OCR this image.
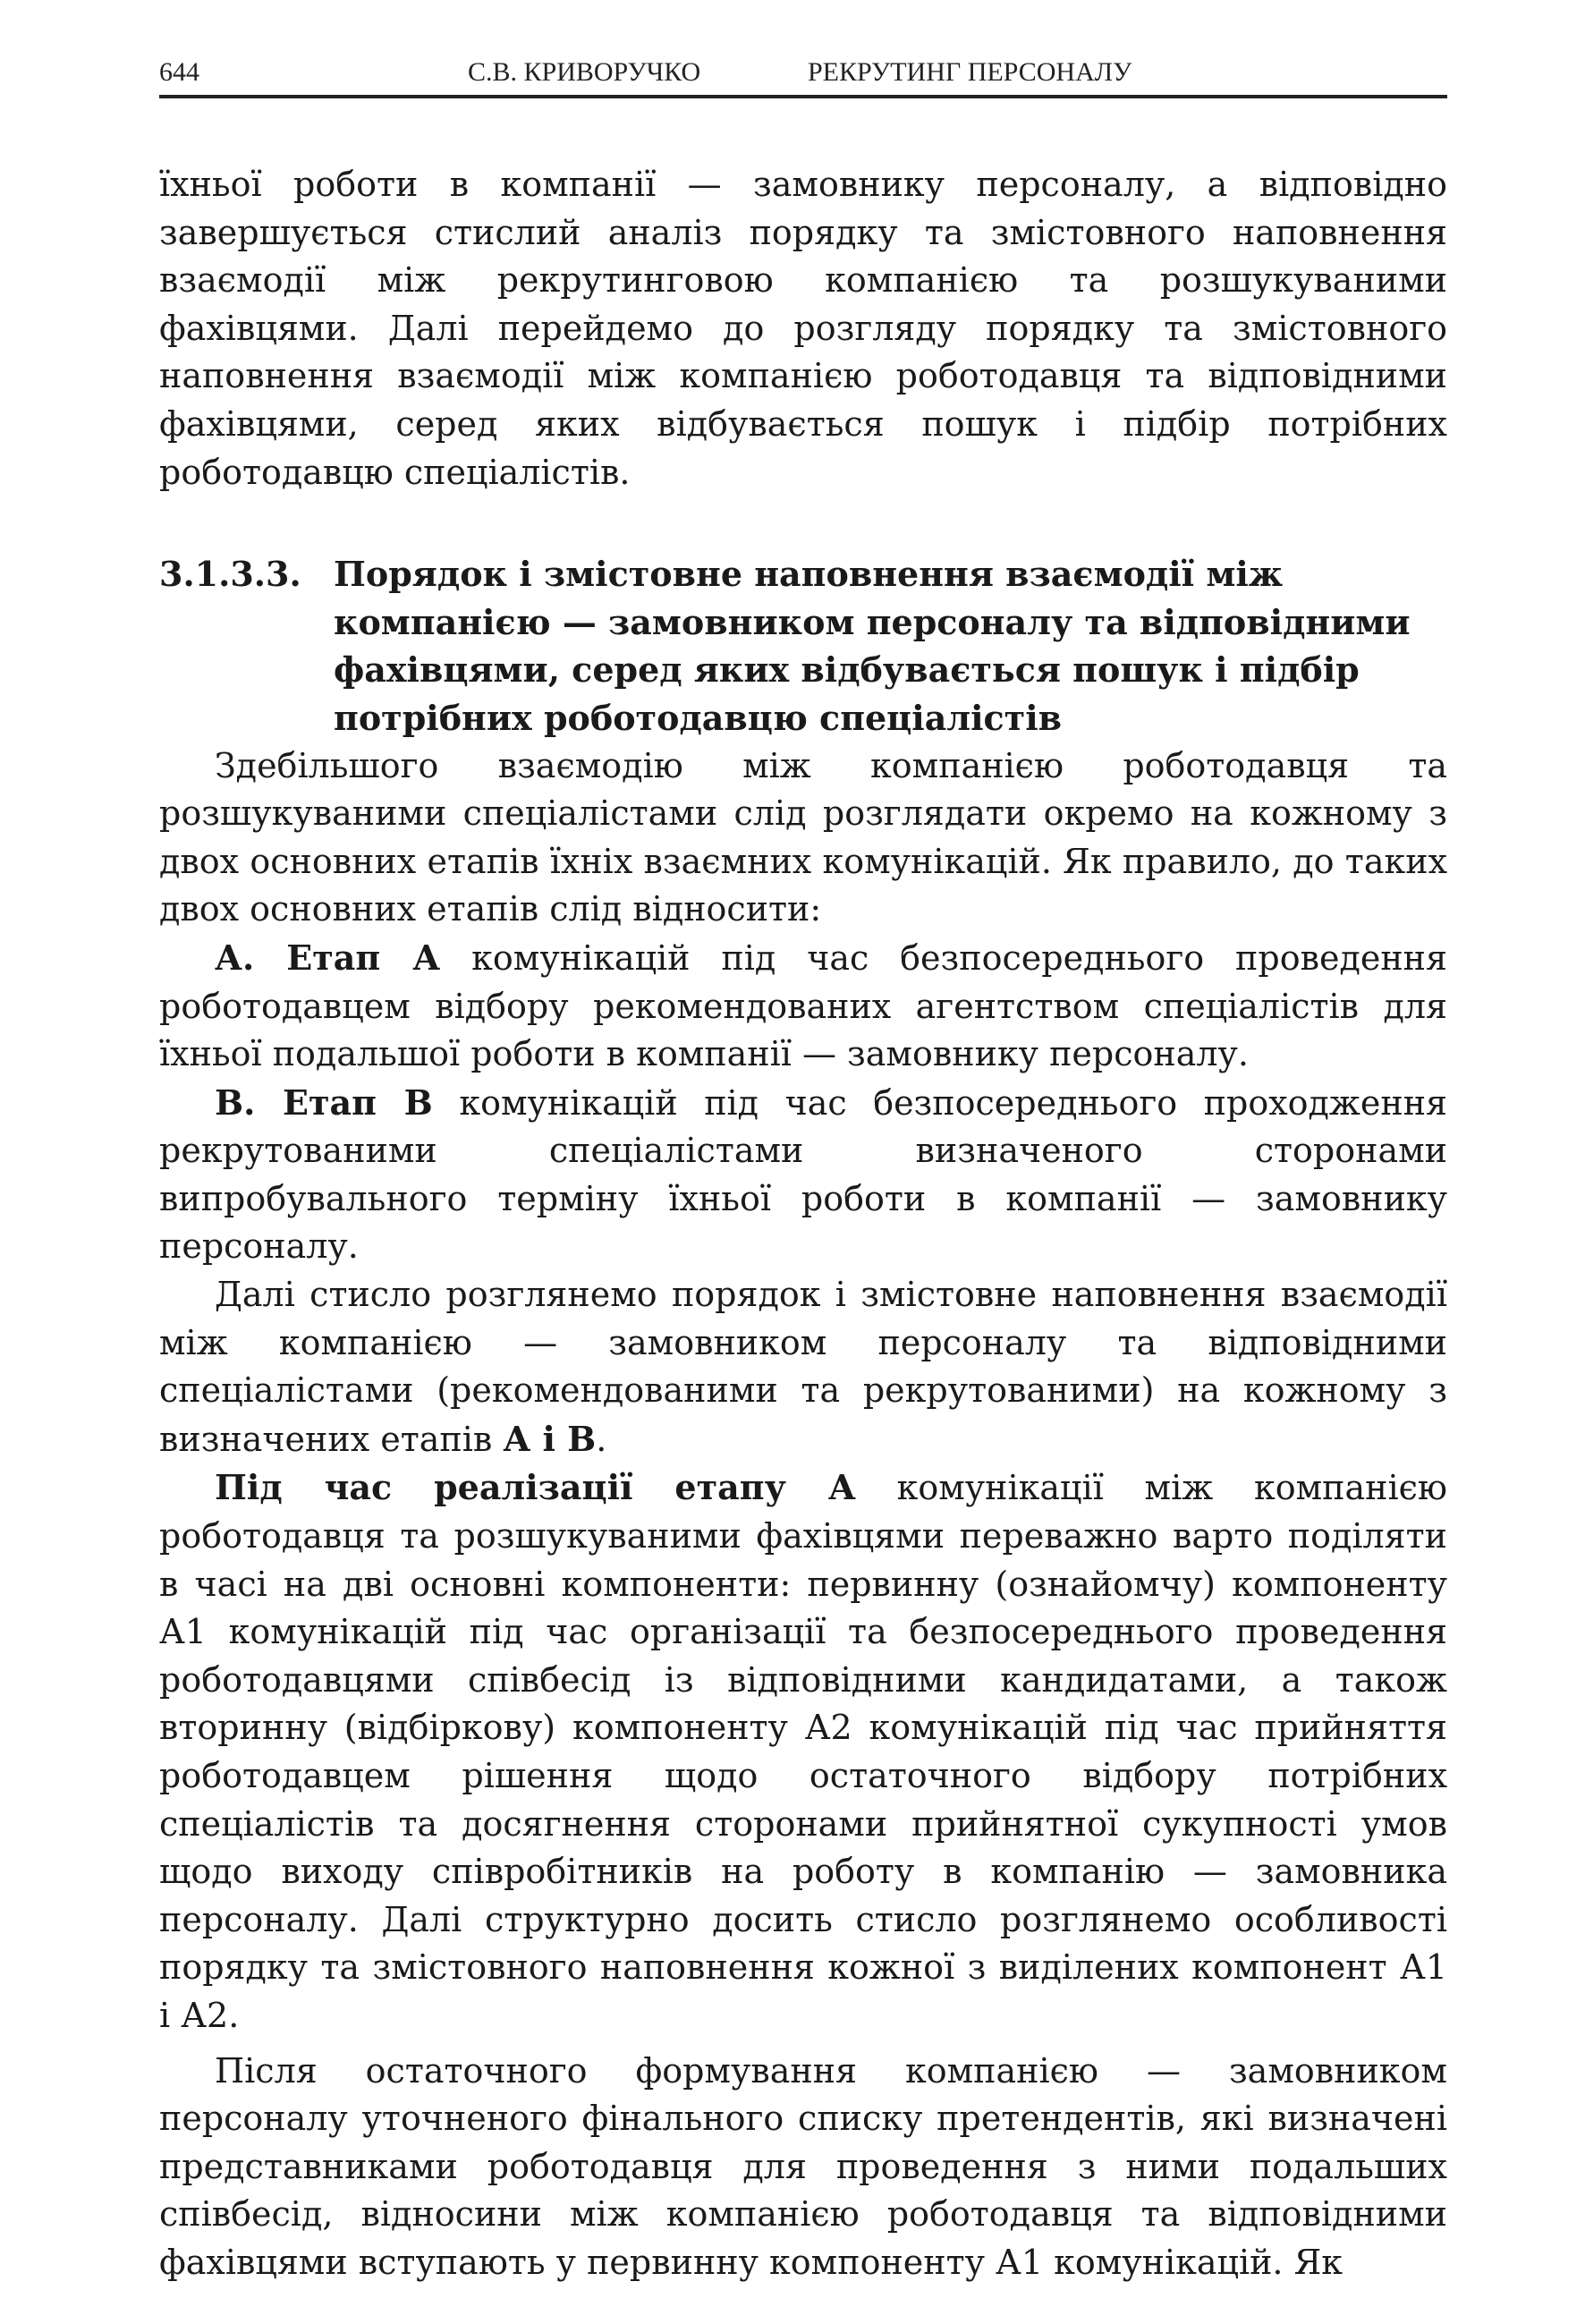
644	С.В. КРИВОРУЧКО	РЕКРУТИНГ ПЕРСОНАЛУ

їхньої роботи в компанії — замовнику персоналу, а відповідно завершується стислий аналіз порядку та змістовного наповнення взаємодії між рекрутинговою компанією та розшукуваними фахівцями. Далі перейдемо до розгляду порядку та змістовного наповнення взаємодії між компанією роботодавця та відповідними фахівцями, серед яких відбувається пошук і підбір потрібних роботодавцю спеціалістів.

3.1.3.3. Порядок і змістовне наповнення взаємодії між компанією — замовником персоналу та відповідними фахівцями, серед яких відбувається пошук і підбір потрібних роботодавцю спеціалістів

Здебільшого взаємодію між компанією роботодавця та розшукуваними спеціалістами слід розглядати окремо на кожному з двох основних етапів їхніх взаємних комунікацій. Як правило, до таких двох основних етапів слід відносити:

А. Етап А комунікацій під час безпосереднього проведення роботодавцем відбору рекомендованих агентством спеціалістів для їхньої подальшої роботи в компанії — замовнику персоналу.

В. Етап В комунікацій під час безпосереднього проходження рекрутованими спеціалістами визначеного сторонами випробувального терміну їхньої роботи в компанії — замовнику персоналу.

Далі стисло розглянемо порядок і змістовне наповнення взаємодії між компанією — замовником персоналу та відповідними спеціалістами (рекомендованими та рекрутованими) на кожному з визначених етапів А і В.

Під час реалізації етапу А комунікації між компанією роботодавця та розшукуваними фахівцями переважно варто поділяти в часі на дві основні компоненти: первинну (ознайомчу) компоненту А1 комунікацій під час організації та безпосереднього проведення роботодавцями співбесід із відповідними кандидатами, а також вторинну (відбіркову) компоненту А2 комунікацій під час прийняття роботодавцем рішення щодо остаточного відбору потрібних спеціалістів та досягнення сторонами прийнятної сукупності умов щодо виходу співробітників на роботу в компанію — замовника персоналу. Далі структурно досить стисло розглянемо особливості порядку та змістовного наповнення кожної з виділених компонент А1 і А2.

Після остаточного формування компанією — замовником персоналу уточненого фінального списку претендентів, які визначені представниками роботодавця для проведення з ними подальших співбесід, відносини між компанією роботодавця та відповідними фахівцями вступають у первинну компоненту А1 комунікацій. Як
